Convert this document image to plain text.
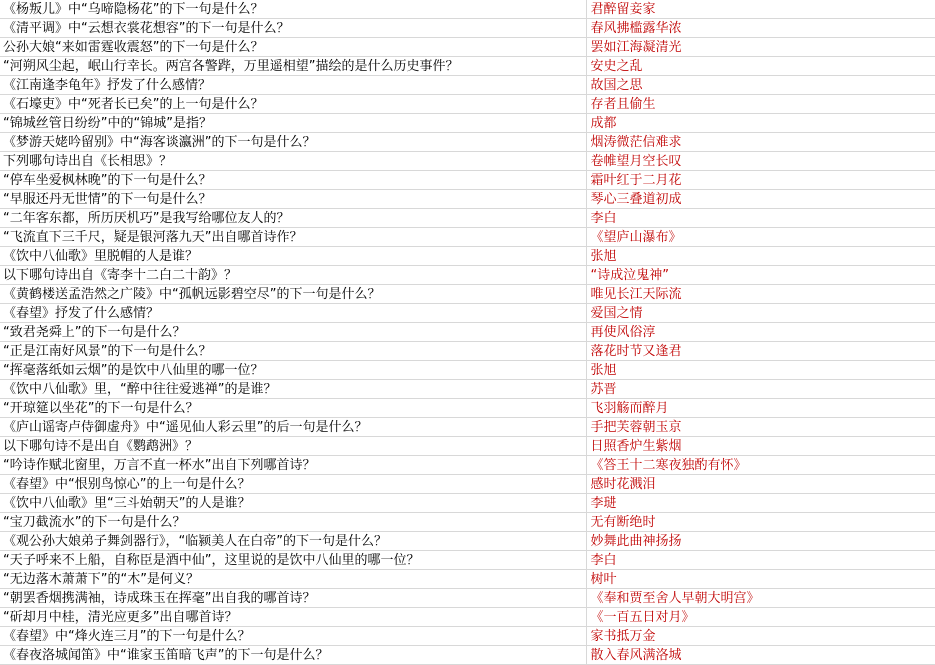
《杨叛儿》中“乌啼隐杨花”的下一句是什么？	君醉留妾家
《清平调》中“云想衣裳花想容”的下一句是什么？	春风拂槛露华浓
公孙大娘“来如雷霆收震怒”的下一句是什么？	罢如江海凝清光
“河朔风尘起，岷山行幸长。两宫各警跸，万里遥相望”描绘的是什么历史事件？	安史之乱
《江南逢李龟年》抒发了什么感情？	故国之思
《石壕吏》中“死者长已矣”的上一句是什么？	存者且偷生
“锦城丝管日纷纷”中的“锦城”是指？	成都
《梦游天姥吟留别》中“海客谈瀛洲”的下一句是什么？	烟涛微茫信难求
下列哪句诗出自《长相思》？	卷帷望月空长叹
“停车坐爱枫林晚”的下一句是什么？	霜叶红于二月花
“早服还丹无世情”的下一句是什么？	琴心三叠道初成
“二年客东都，所历厌机巧”是我写给哪位友人的？	李白
“飞流直下三千尺，疑是银河落九天”出自哪首诗作？	《望庐山瀑布》
《饮中八仙歌》里脱帽的人是谁？	张旭
以下哪句诗出自《寄李十二白二十韵》？	“诗成泣鬼神”
《黄鹤楼送孟浩然之广陵》中“孤帆远影碧空尽”的下一句是什么？	唯见长江天际流
《春望》抒发了什么感情？	爱国之情
“致君尧舜上”的下一句是什么？	再使风俗淳
“正是江南好风景”的下一句是什么？	落花时节又逢君
“挥毫落纸如云烟”的是饮中八仙里的哪一位？	张旭
《饮中八仙歌》里，“醉中往往爱逃禅”的是谁？	苏晋
“开琼筵以坐花”的下一句是什么？	飞羽觞而醉月
《庐山谣寄卢侍御虚舟》中“遥见仙人彩云里”的后一句是什么？	手把芙蓉朝玉京
以下哪句诗不是出自《鹦鹉洲》？	日照香炉生紫烟
“吟诗作赋北窗里，万言不直一杯水”出自下列哪首诗？	《答王十二寒夜独酌有怀》
《春望》中“恨别鸟惊心”的上一句是什么？	感时花溅泪
《饮中八仙歌》里“三斗始朝天”的人是谁？	李琎
“宝刀截流水”的下一句是什么？	无有断绝时
《观公孙大娘弟子舞剑器行》，“临颍美人在白帝”的下一句是什么？	妙舞此曲神扬扬
“天子呼来不上船，自称臣是酒中仙”，这里说的是饮中八仙里的哪一位？	李白
“无边落木萧萧下”的“木”是何义？	树叶
“朝罢香烟携满袖，诗成珠玉在挥毫”出自我的哪首诗？	《奉和贾至舍人早朝大明宫》
“斫却月中桂，清光应更多”出自哪首诗？	《一百五日对月》
《春望》中“烽火连三月”的下一句是什么？	家书抵万金
《春夜洛城闻笛》中“谁家玉笛暗飞声”的下一句是什么？	散入春风满洛城
